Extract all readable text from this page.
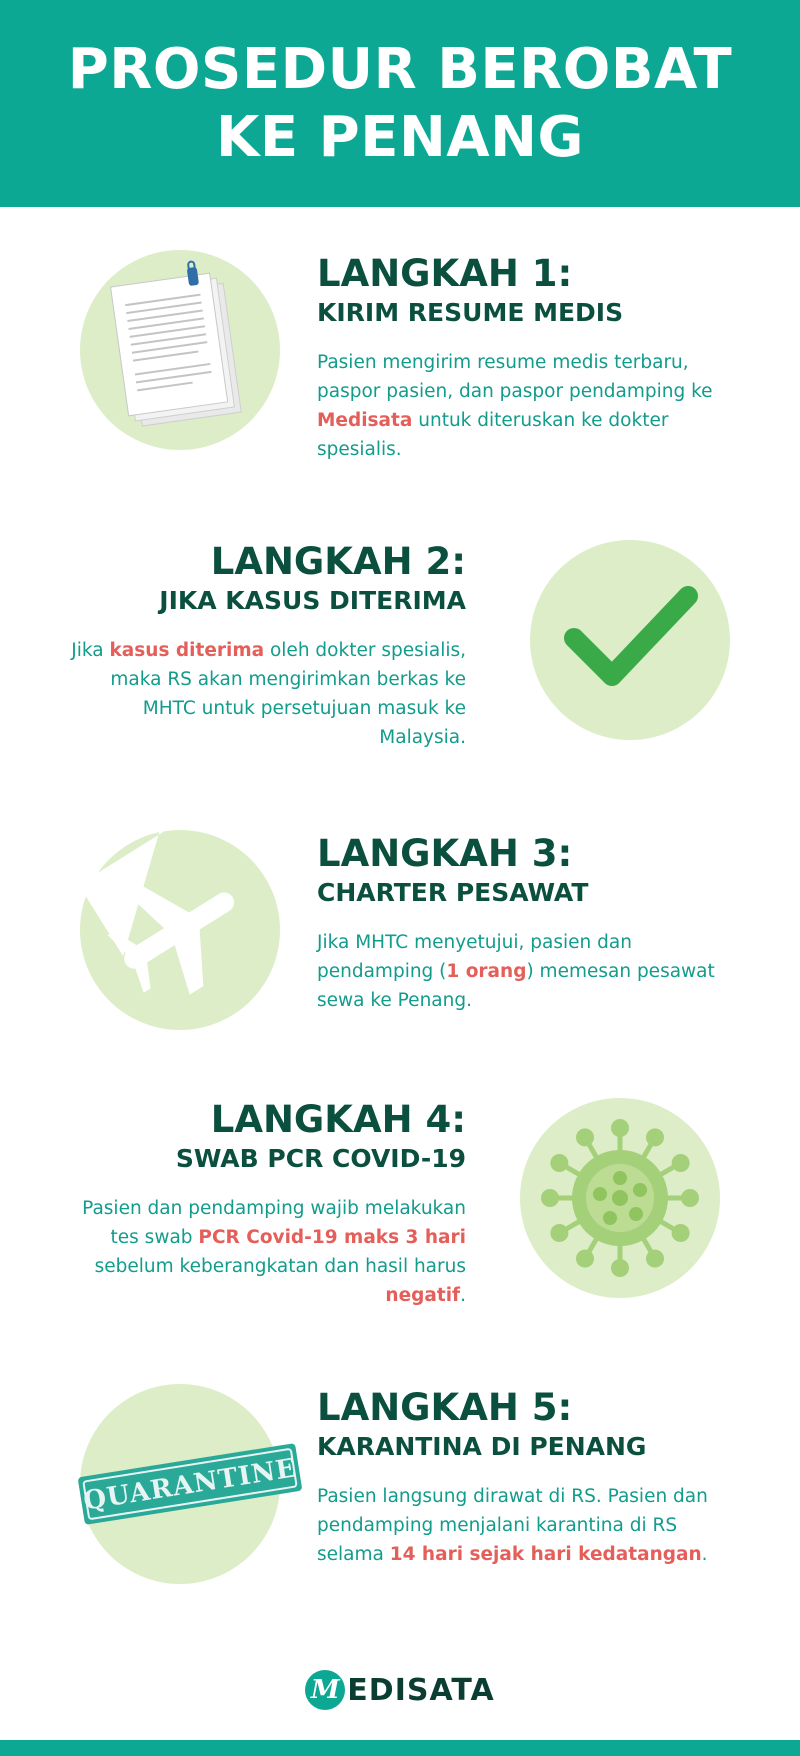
PROSEDUR BEROBAT
KE PENANG
LANGKAH 1:
KIRIM RESUME MEDIS
Pasien mengirim resume medis terbaru, paspor pasien, dan paspor pendamping ke Medisata untuk diteruskan ke dokter spesialis.
LANGKAH 2:
JIKA KASUS DITERIMA
Jika kasus diterima oleh dokter spesialis, maka RS akan mengirimkan berkas ke MHTC untuk persetujuan masuk ke Malaysia.
LANGKAH 3:
CHARTER PESAWAT
Jika MHTC menyetujui, pasien dan pendamping (1 orang) memesan pesawat sewa ke Penang.
LANGKAH 4:
SWAB PCR COVID-19
Pasien dan pendamping wajib melakukan tes swab PCR Covid-19 maks 3 hari sebelum keberangkatan dan hasil harus negatif.
QUARANTINE
LANGKAH 5:
KARANTINA DI PENANG
Pasien langsung dirawat di RS. Pasien dan pendamping menjalani karantina di RS selama 14 hari sejak hari kedatangan.
M EDISATA
